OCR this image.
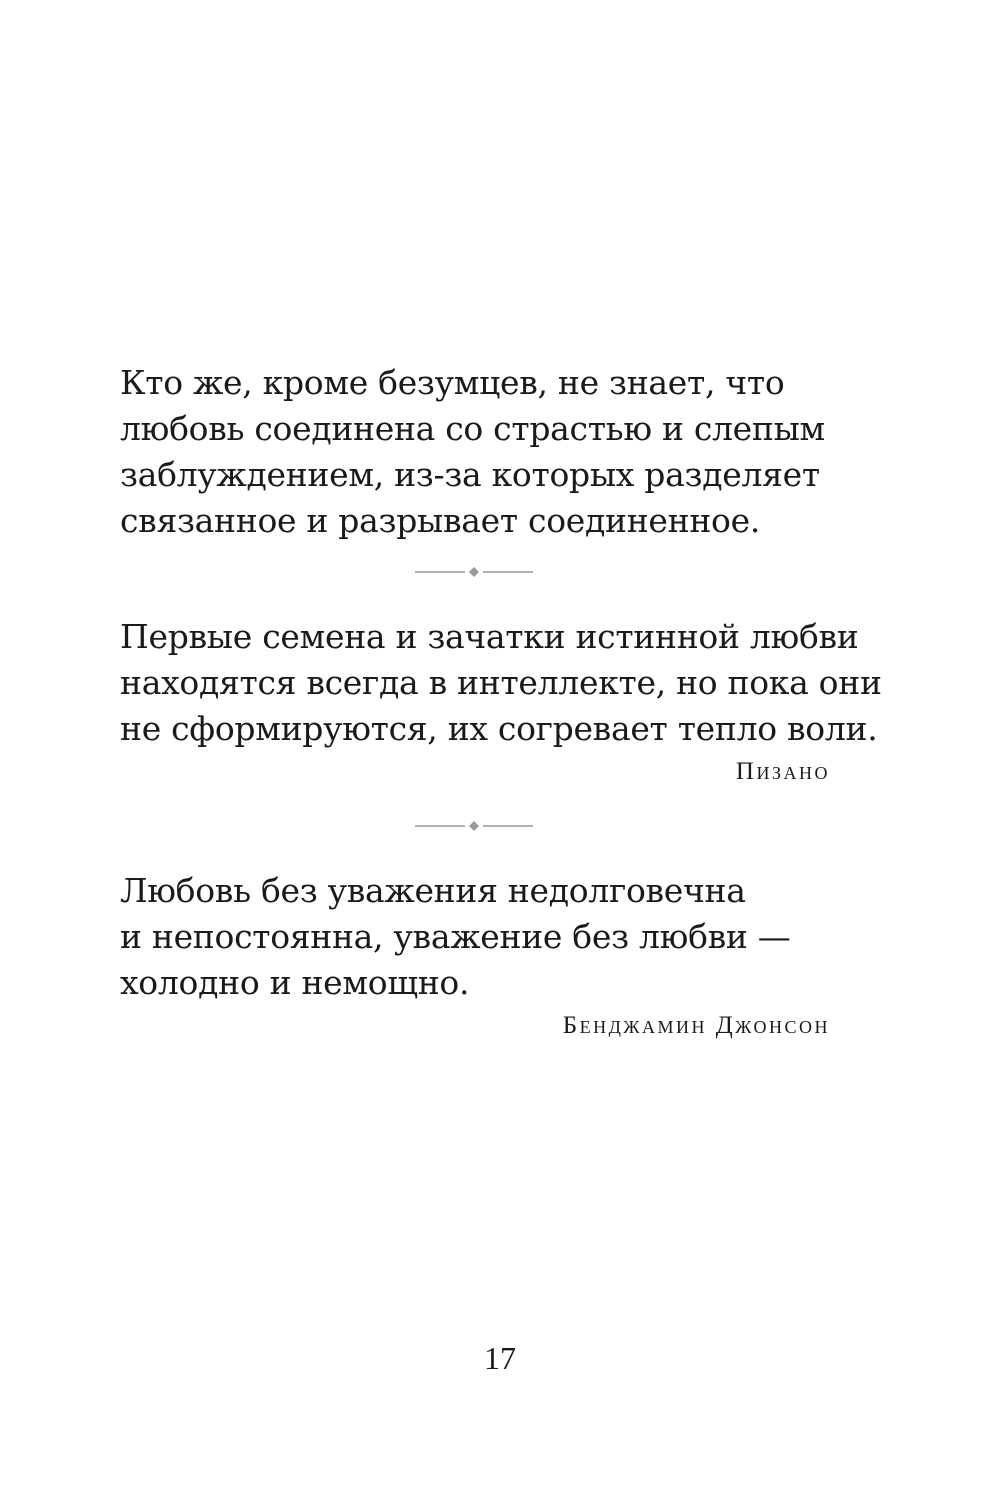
Кто же, кроме безумцев, не знает, что
любовь соединена со страстью и слепым
заблуждением, из-за которых разделяет
связанное и разрывает соединенное.
Первые семена и зачатки истинной любви
находятся всегда в интеллекте, но пока они
не сформируются, их согревает тепло воли.
Пизано
Любовь без уважения недолговечна
и непостоянна, уважение без любви —
холодно и немощно.
Бенджамин Джонсон
17
